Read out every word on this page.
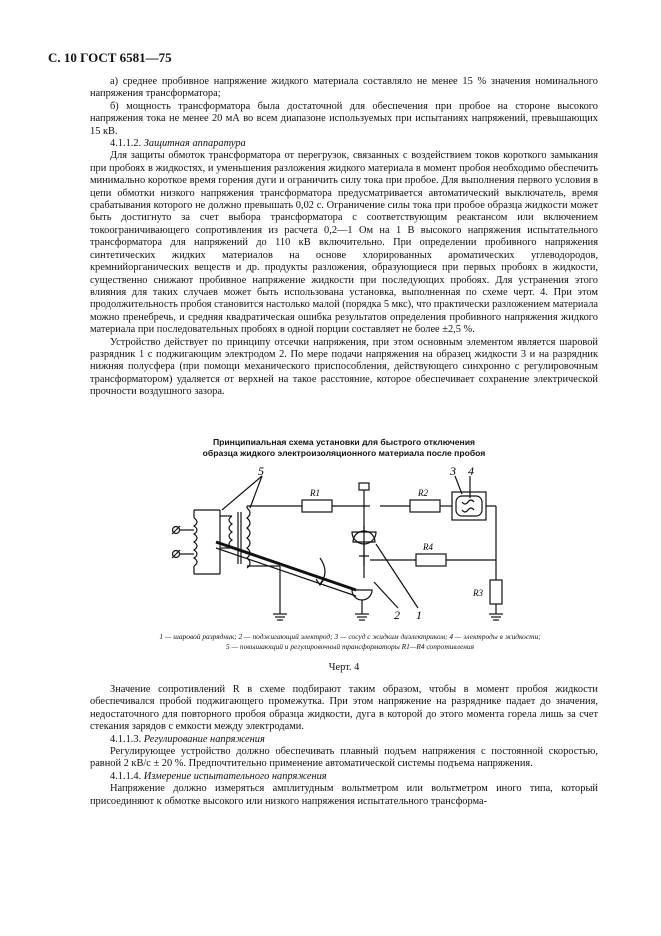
С. 10 ГОСТ 6581—75

а) среднее пробивное напряжение жидкого материала составляло не менее 15 % значения номинального напряжения трансформатора;

б) мощность трансформатора была достаточной для обеспечения при пробое на стороне высокого напряжения тока не менее 20 мА во всем диапазоне используемых при испытаниях напряжений, превышающих 15 кВ.

4.1.1.2. Защитная аппаратура

Для защиты обмоток трансформатора от перегрузок, связанных с воздействием токов короткого замыкания при пробоях в жидкостях, и уменьшения разложения жидкого материала в момент пробоя необходимо обеспечить минимально короткое время горения дуги и ограничить силу тока при пробое. Для выполнения первого условия в цепи обмотки низкого напряжения трансформатора предусматривается автоматический выключатель, время срабатывания которого не должно превышать 0,02 с. Ограничение силы тока при пробое образца жидкости может быть достигнуто за счет выбора трансформатора с соответствующим реактансом или включением токоограничивающего сопротивления из расчета 0,2—1 Ом на 1 В высокого напряжения испытательного трансформатора для напряжений до 110 кВ включительно. При определении пробивного напряжения синтетических жидких материалов на основе хлорированных ароматических углеводородов, кремнийорганических веществ и др. продукты разложения, образующиеся при первых пробоях в жидкости, существенно снижают пробивное напряжение жидкости при последующих пробоях. Для устранения этого влияния для таких случаев может быть использована установка, выполненная по схеме черт. 4. При этом продолжительность пробоя становится настолько малой (порядка 5 мкс), что практически разложением материала можно пренебречь, и средняя квадратическая ошибка результатов определения пробивного напряжения жидкого материала при последовательных пробоях в одной порции составляет не более ±2,5 %.

Устройство действует по принципу отсечки напряжения, при этом основным элементом является шаровой разрядник 1 с поджигающим электродом 2. По мере подачи напряжения на образец жидкости 3 и на разрядник нижняя полусфера (при помощи механического приспособления, действующего синхронно с регулировочным трансформатором) удаляется от верхней на такое расстояние, которое обеспечивает сохранение электрической прочности воздушного зазора.

Принципиальная схема установки для быстрого отключения
образца жидкого электроизоляционного материала после пробоя
5
R1	R2
R4
R3
3 4
2 1
1 — шаровой разрядник; 2 — поджигающий электрод; 3 — сосуд с жидким диэлектриком; 4 — электроды в жидкости;
5 — повышающий и регулировочный трансформаторы R1—R4 сопротивления
Черт. 4

Значение сопротивлений R в схеме подбирают таким образом, чтобы в момент пробоя жидкости обеспечивался пробой поджигающего промежутка. При этом напряжение на разряднике падает до значения, недостаточного для повторного пробоя образца жидкости, дуга в которой до этого момента горела лишь за счет стекания зарядов с емкости между электродами.

4.1.1.3. Регулирование напряжения

Регулирующее устройство должно обеспечивать плавный подъем напряжения с постоянной скоростью, равной 2 кВ/с ± 20 %. Предпочтительно применение автоматической системы подъема напряжения.

4.1.1.4. Измерение испытательного напряжения

Напряжение должно измеряться амплитудным вольтметром или вольтметром иного типа, который присоединяют к обмотке высокого или низкого напряжения испытательного трансформа-
